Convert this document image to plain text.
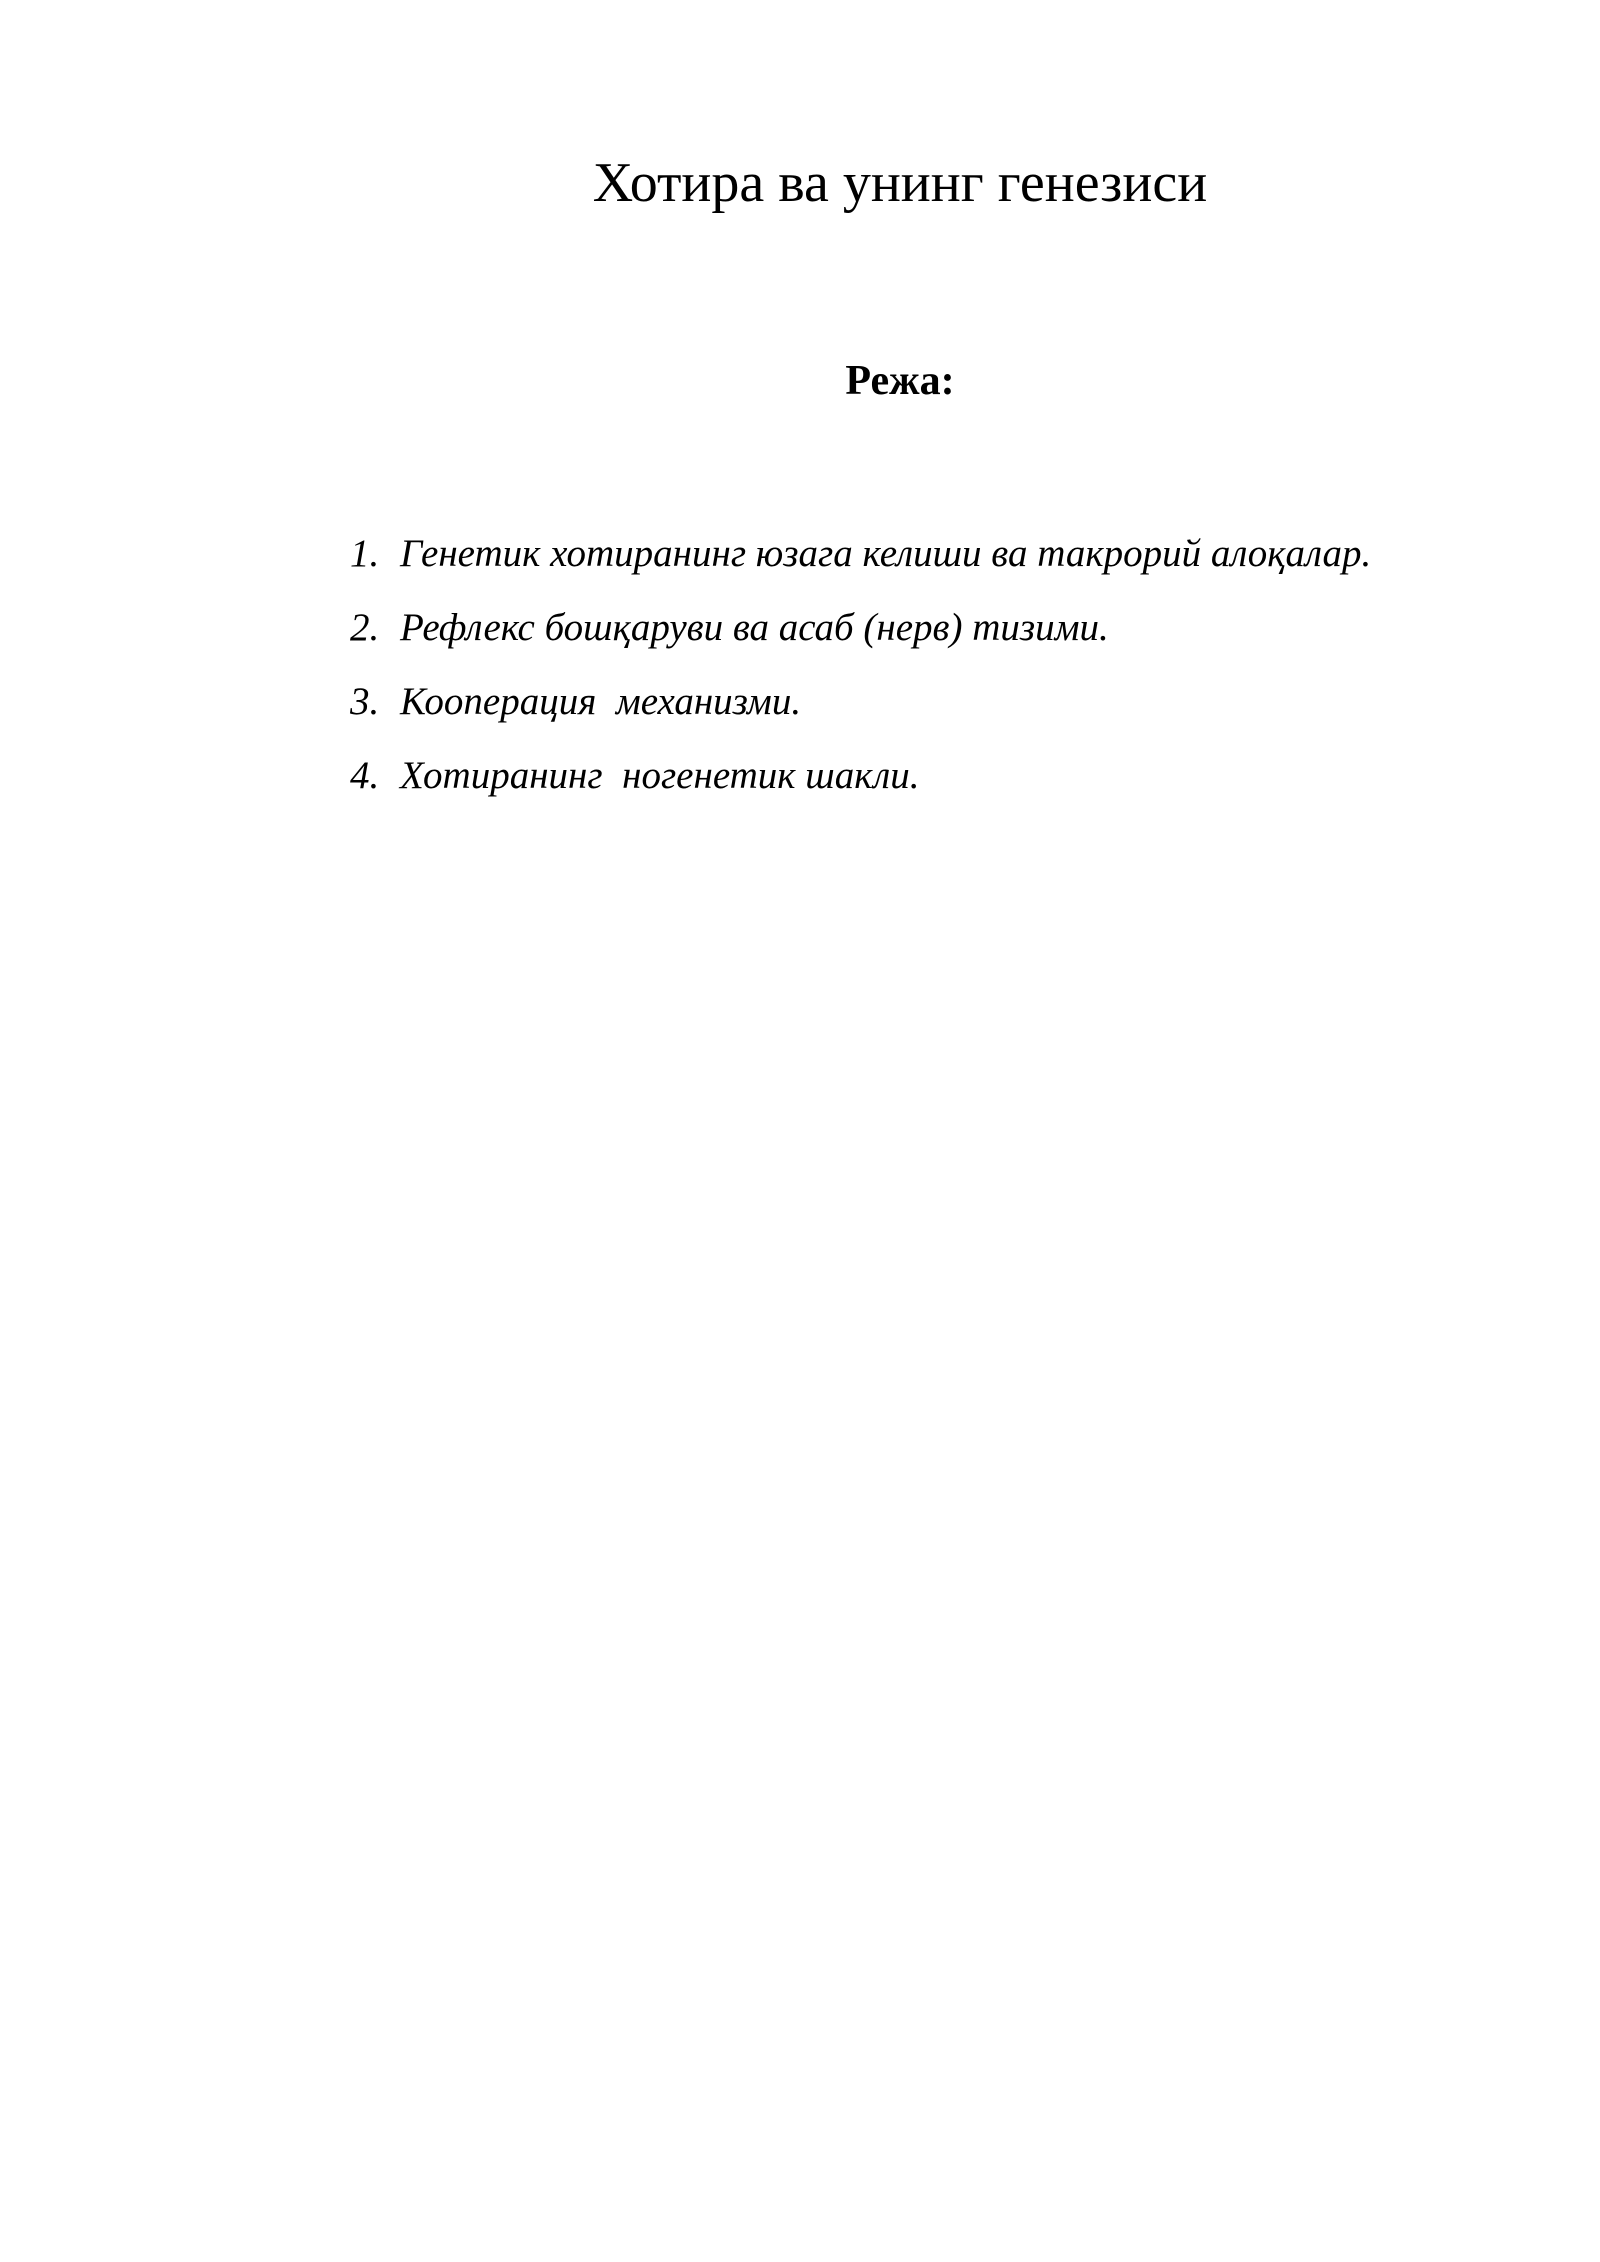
Хотира ва унинг генезиси
Режа:
1. Генетик хотиранинг юзага келиши ва такрорий алоқалар.
2. Рефлекс бошқаруви ва асаб (нерв) тизими.
3. Кооперация  механизми.
4. Хотиранинг  ногенетик шакли.
